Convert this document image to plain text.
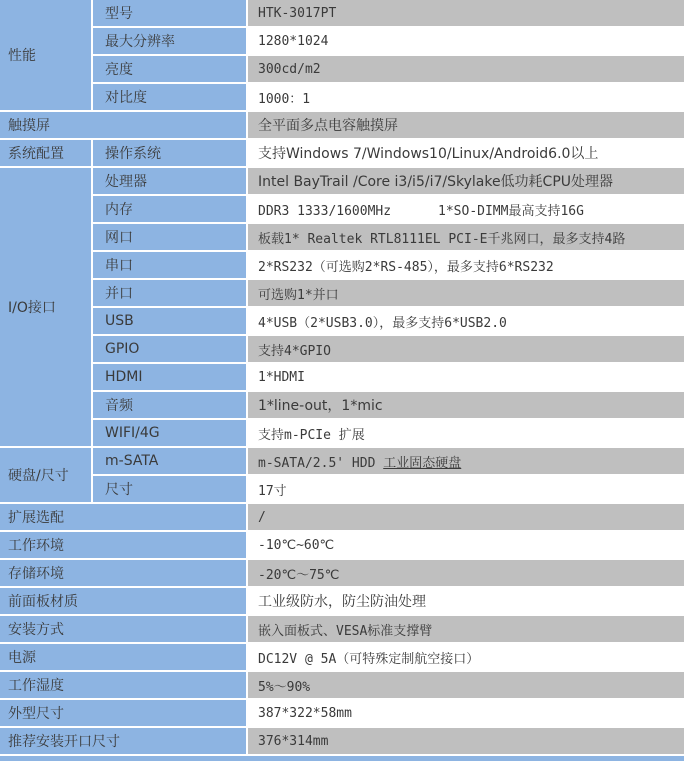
性能	型号	HTK-3017PT
	最大分辨率	1280*1024
	亮度	300cd/m2
	对比度	1000：1
触摸屏		全平面多点电容触摸屏
系统配置	操作系统	支持Windows 7/Windows10/Linux/Android6.0以上
I/O接口	处理器	Intel BayTrail /Core i3/i5/i7/Skylake低功耗CPU处理器
	内存	DDR3 1333/1600MHz      1*SO-DIMM最高支持16G
	网口	板载1* Realtek RTL8111EL PCI-E千兆网口，最多支持4路
	串口	2*RS232（可选购2*RS-485），最多支持6*RS232
	并口	可选购1*并口
	USB	4*USB（2*USB3.0），最多支持6*USB2.0
	GPIO	支持4*GPIO
	HDMI	1*HDMI
	音频	1*line-out，1*mic
	WIFI/4G	支持m-PCIe 扩展
硬盘/尺寸	m-SATA	m-SATA/2.5' HDD 工业固态硬盘
	尺寸	17寸
扩展选配		/
工作环境		-10℃~60℃
存储环境		-20℃～75℃
前面板材质		工业级防水，防尘防油处理
安装方式		嵌入面板式、VESA标准支撑臂
电源		DC12V @ 5A（可特殊定制航空接口）
工作湿度		5%～90%
外型尺寸		387*322*58mm
推荐安装开口尺寸		376*314mm
